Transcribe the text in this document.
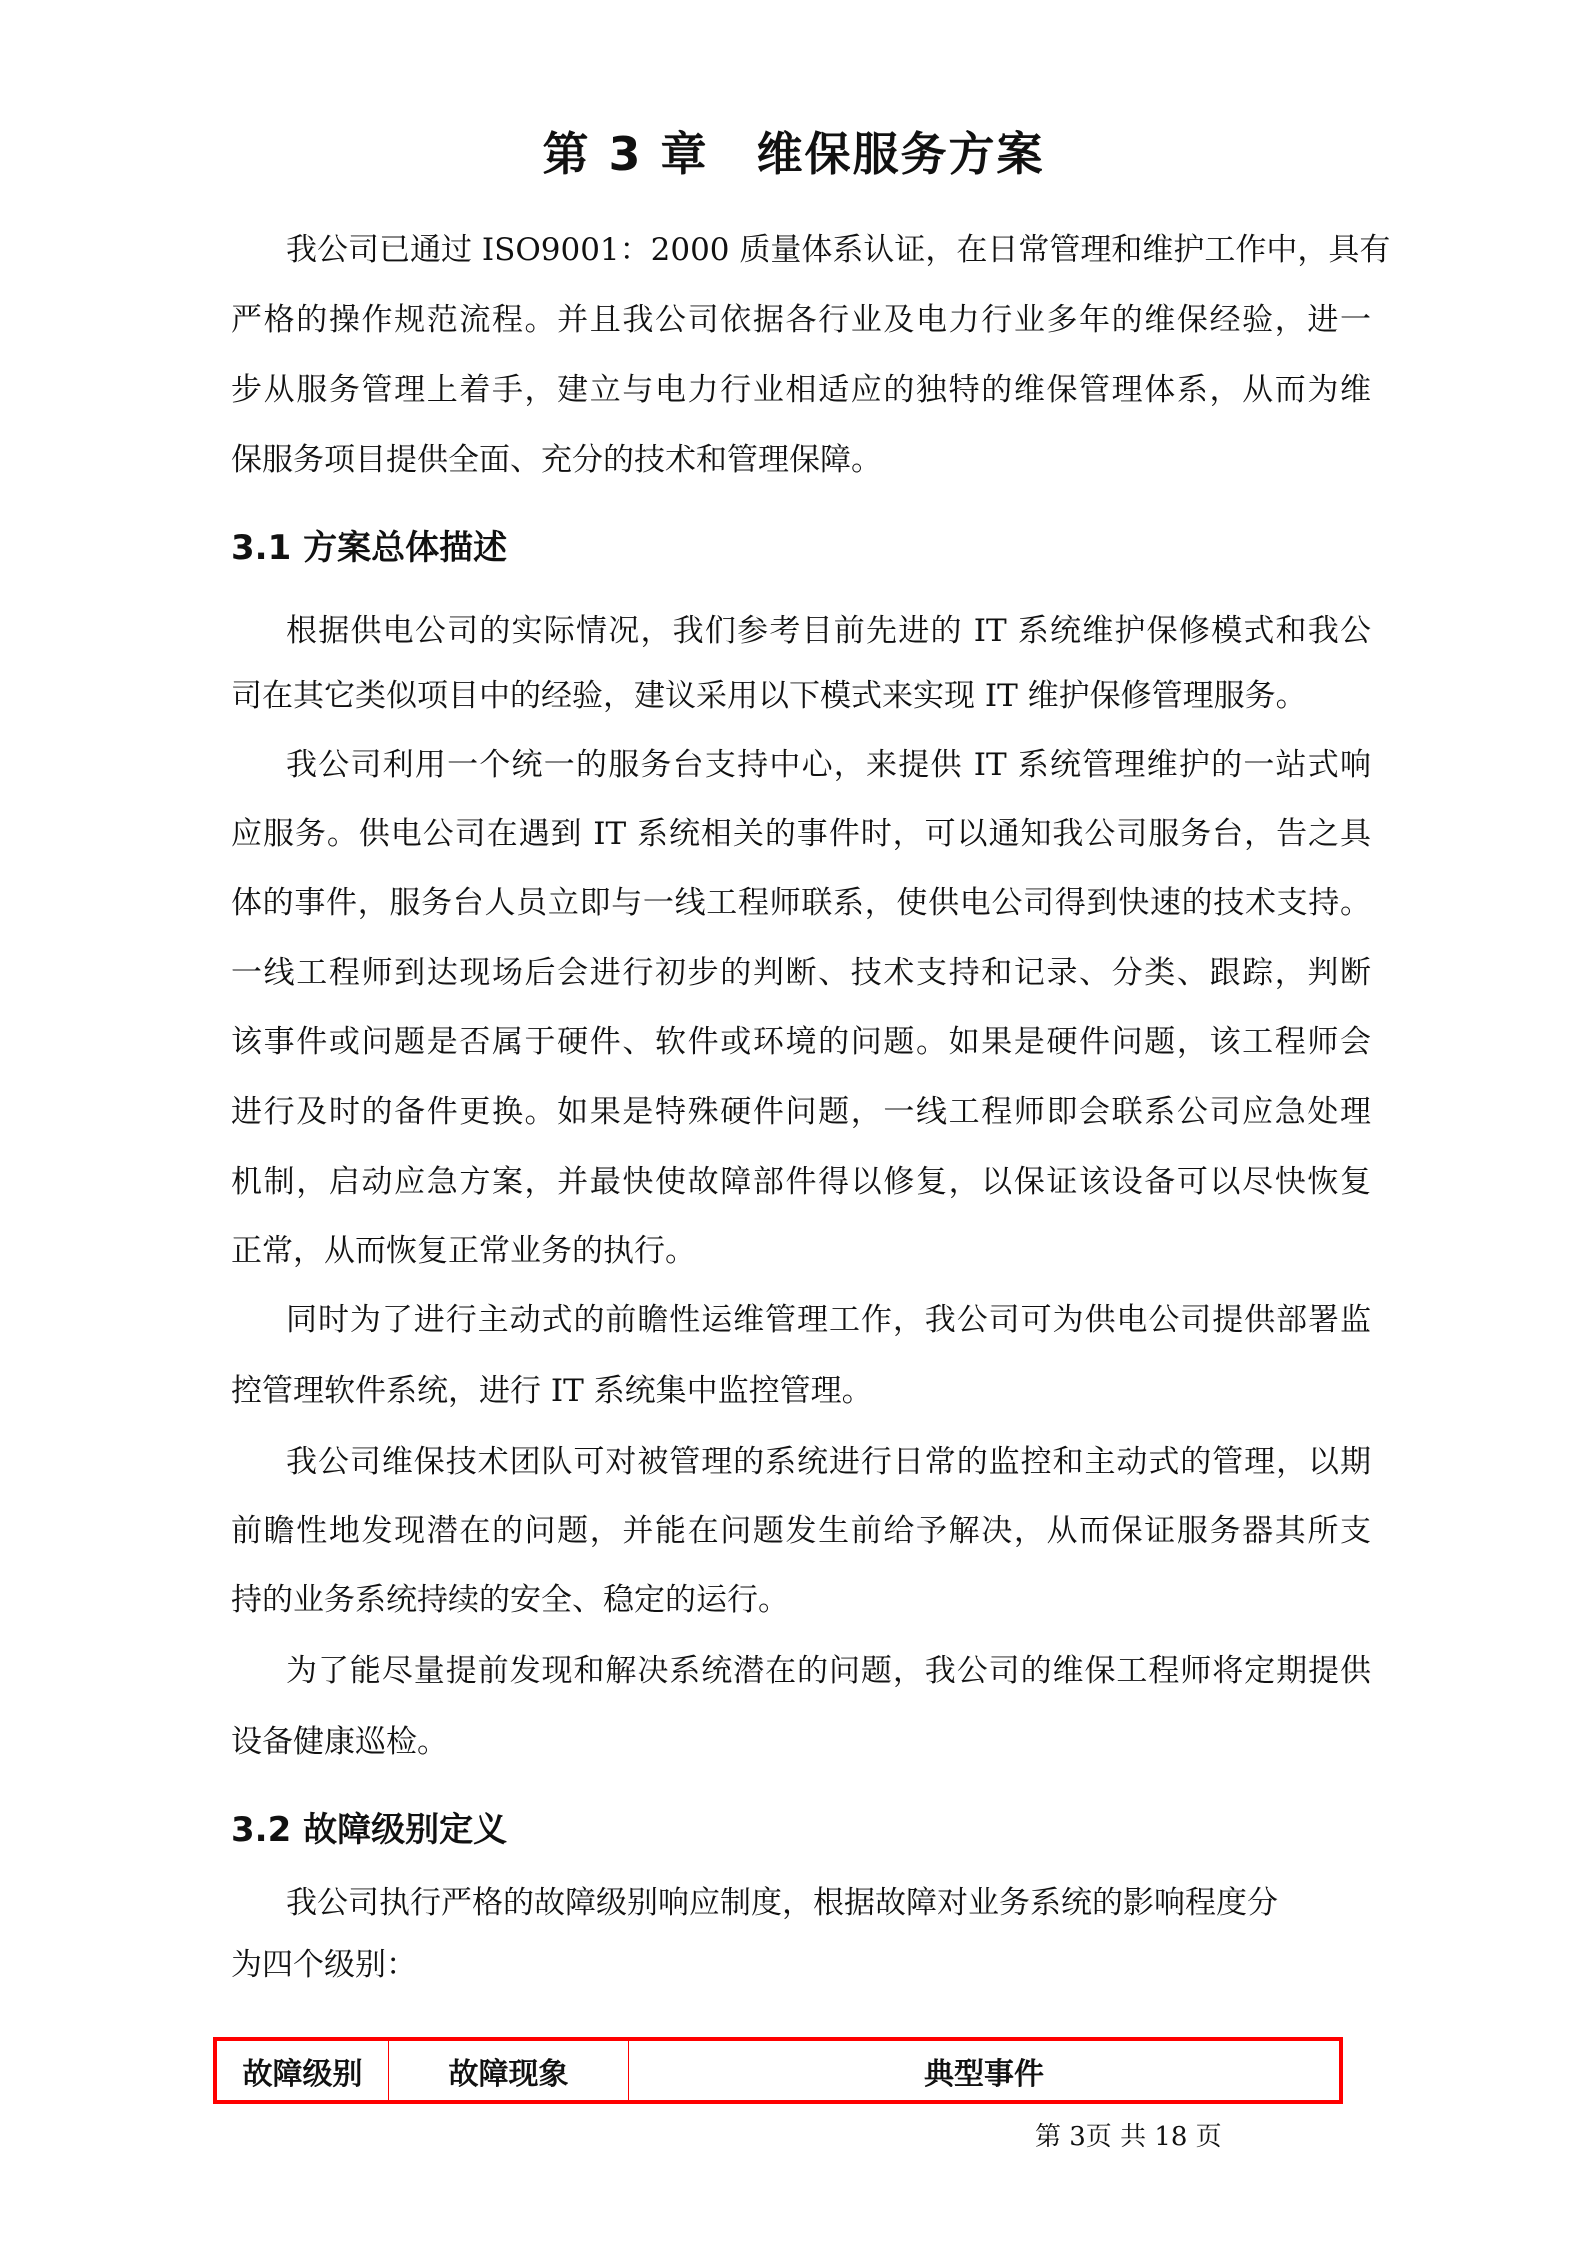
第 3 章　维保服务方案
我公司已通过 ISO9001：2000 质量体系认证，在日常管理和维护工作中，具有
严格的操作规范流程。并且我公司依据各行业及电力行业多年的维保经验，进一
步从服务管理上着手，建立与电力行业相适应的独特的维保管理体系，从而为维
保服务项目提供全面、充分的技术和管理保障。
根据供电公司的实际情况，我们参考目前先进的 IT 系统维护保修模式和我公
司在其它类似项目中的经验，建议采用以下模式来实现 IT 维护保修管理服务。
我公司利用一个统一的服务台支持中心，来提供 IT 系统管理维护的一站式响
应服务。供电公司在遇到 IT 系统相关的事件时，可以通知我公司服务台，告之具
体的事件，服务台人员立即与一线工程师联系，使供电公司得到快速的技术支持。
一线工程师到达现场后会进行初步的判断、技术支持和记录、分类、跟踪，判断
该事件或问题是否属于硬件、软件或环境的问题。如果是硬件问题，该工程师会
进行及时的备件更换。如果是特殊硬件问题，一线工程师即会联系公司应急处理
机制，启动应急方案，并最快使故障部件得以修复，以保证该设备可以尽快恢复
正常，从而恢复正常业务的执行。
同时为了进行主动式的前瞻性运维管理工作，我公司可为供电公司提供部署监
控管理软件系统，进行 IT 系统集中监控管理。
我公司维保技术团队可对被管理的系统进行日常的监控和主动式的管理，以期
前瞻性地发现潜在的问题，并能在问题发生前给予解决，从而保证服务器其所支
持的业务系统持续的安全、稳定的运行。
为了能尽量提前发现和解决系统潜在的问题，我公司的维保工程师将定期提供
设备健康巡检。
我公司执行严格的故障级别响应制度，根据故障对业务系统的影响程度分
为四个级别：
3.1 方案总体描述
3.2 故障级别定义
故障级别	故障现象	典型事件
第 3页 共 18 页
